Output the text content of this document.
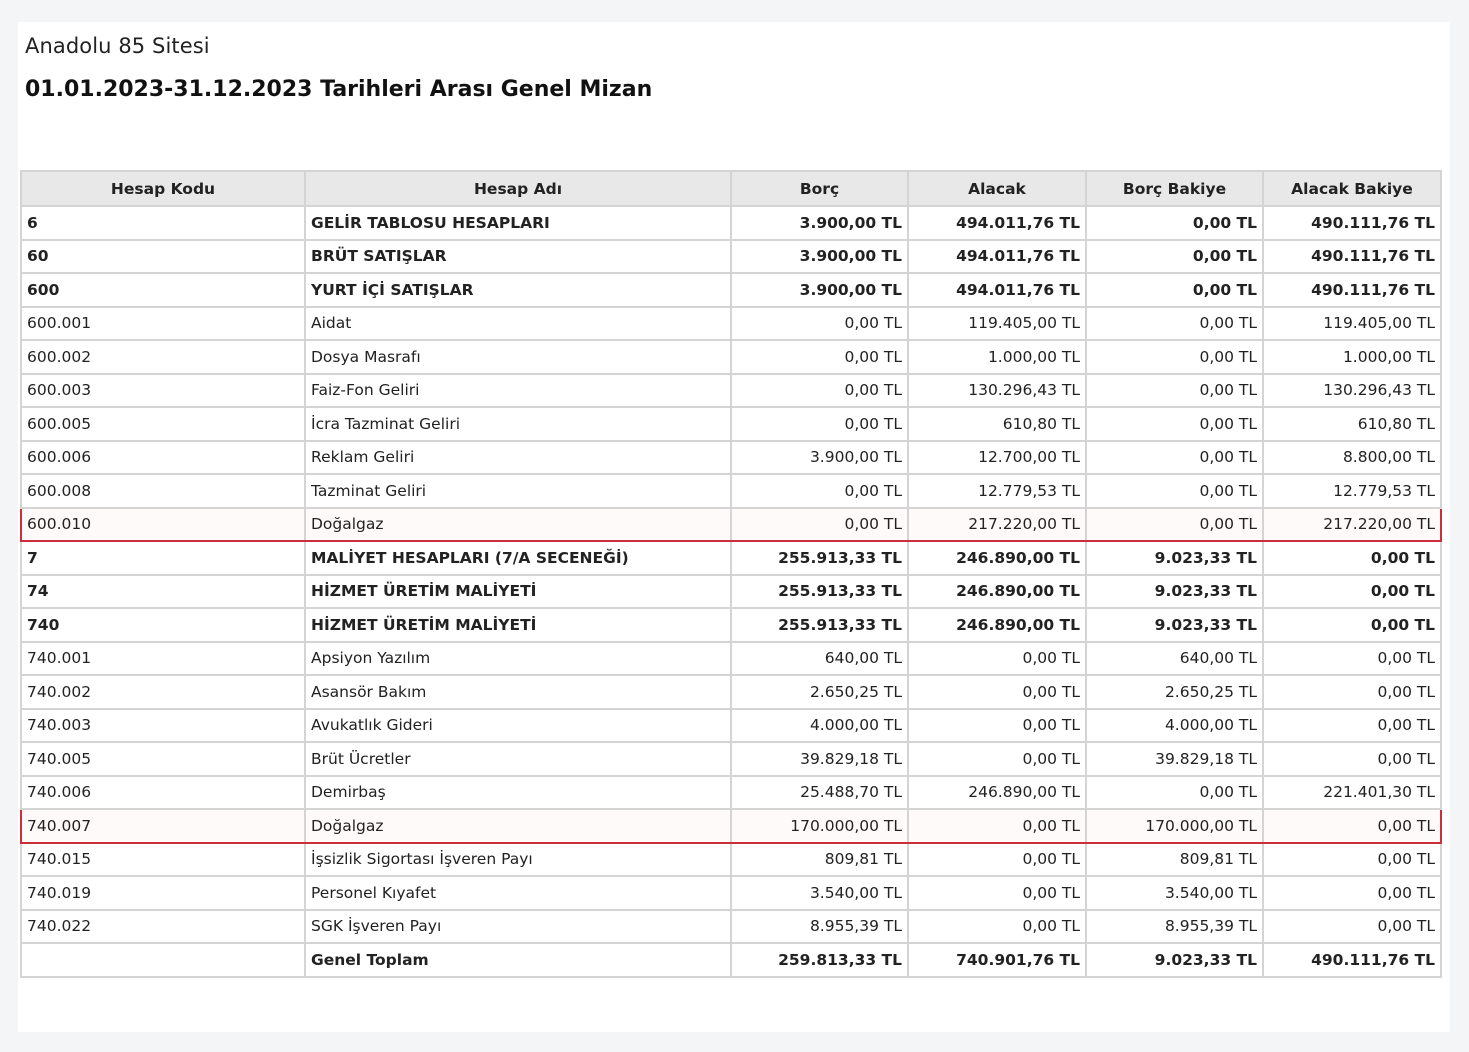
Anadolu 85 Sitesi
01.01.2023-31.12.2023 Tarihleri Arası Genel Mizan
Hesap Kodu	Hesap Adı	Borç	Alacak	Borç Bakiye	Alacak Bakiye
6	GELİR TABLOSU HESAPLARI	3.900,00 TL	494.011,76 TL	0,00 TL	490.111,76 TL
60	BRÜT SATIŞLAR	3.900,00 TL	494.011,76 TL	0,00 TL	490.111,76 TL
600	YURT İÇİ SATIŞLAR	3.900,00 TL	494.011,76 TL	0,00 TL	490.111,76 TL
600.001	Aidat	0,00 TL	119.405,00 TL	0,00 TL	119.405,00 TL
600.002	Dosya Masrafı	0,00 TL	1.000,00 TL	0,00 TL	1.000,00 TL
600.003	Faiz-Fon Geliri	0,00 TL	130.296,43 TL	0,00 TL	130.296,43 TL
600.005	İcra Tazminat Geliri	0,00 TL	610,80 TL	0,00 TL	610,80 TL
600.006	Reklam Geliri	3.900,00 TL	12.700,00 TL	0,00 TL	8.800,00 TL
600.008	Tazminat Geliri	0,00 TL	12.779,53 TL	0,00 TL	12.779,53 TL
600.010	Doğalgaz	0,00 TL	217.220,00 TL	0,00 TL	217.220,00 TL
7	MALİYET HESAPLARI (7/A SECENEĞİ)	255.913,33 TL	246.890,00 TL	9.023,33 TL	0,00 TL
74	HİZMET ÜRETİM MALİYETİ	255.913,33 TL	246.890,00 TL	9.023,33 TL	0,00 TL
740	HİZMET ÜRETİM MALİYETİ	255.913,33 TL	246.890,00 TL	9.023,33 TL	0,00 TL
740.001	Apsiyon Yazılım	640,00 TL	0,00 TL	640,00 TL	0,00 TL
740.002	Asansör Bakım	2.650,25 TL	0,00 TL	2.650,25 TL	0,00 TL
740.003	Avukatlık Gideri	4.000,00 TL	0,00 TL	4.000,00 TL	0,00 TL
740.005	Brüt Ücretler	39.829,18 TL	0,00 TL	39.829,18 TL	0,00 TL
740.006	Demirbaş	25.488,70 TL	246.890,00 TL	0,00 TL	221.401,30 TL
740.007	Doğalgaz	170.000,00 TL	0,00 TL	170.000,00 TL	0,00 TL
740.015	İşsizlik Sigortası İşveren Payı	809,81 TL	0,00 TL	809,81 TL	0,00 TL
740.019	Personel Kıyafet	3.540,00 TL	0,00 TL	3.540,00 TL	0,00 TL
740.022	SGK İşveren Payı	8.955,39 TL	0,00 TL	8.955,39 TL	0,00 TL
	Genel Toplam	259.813,33 TL	740.901,76 TL	9.023,33 TL	490.111,76 TL
